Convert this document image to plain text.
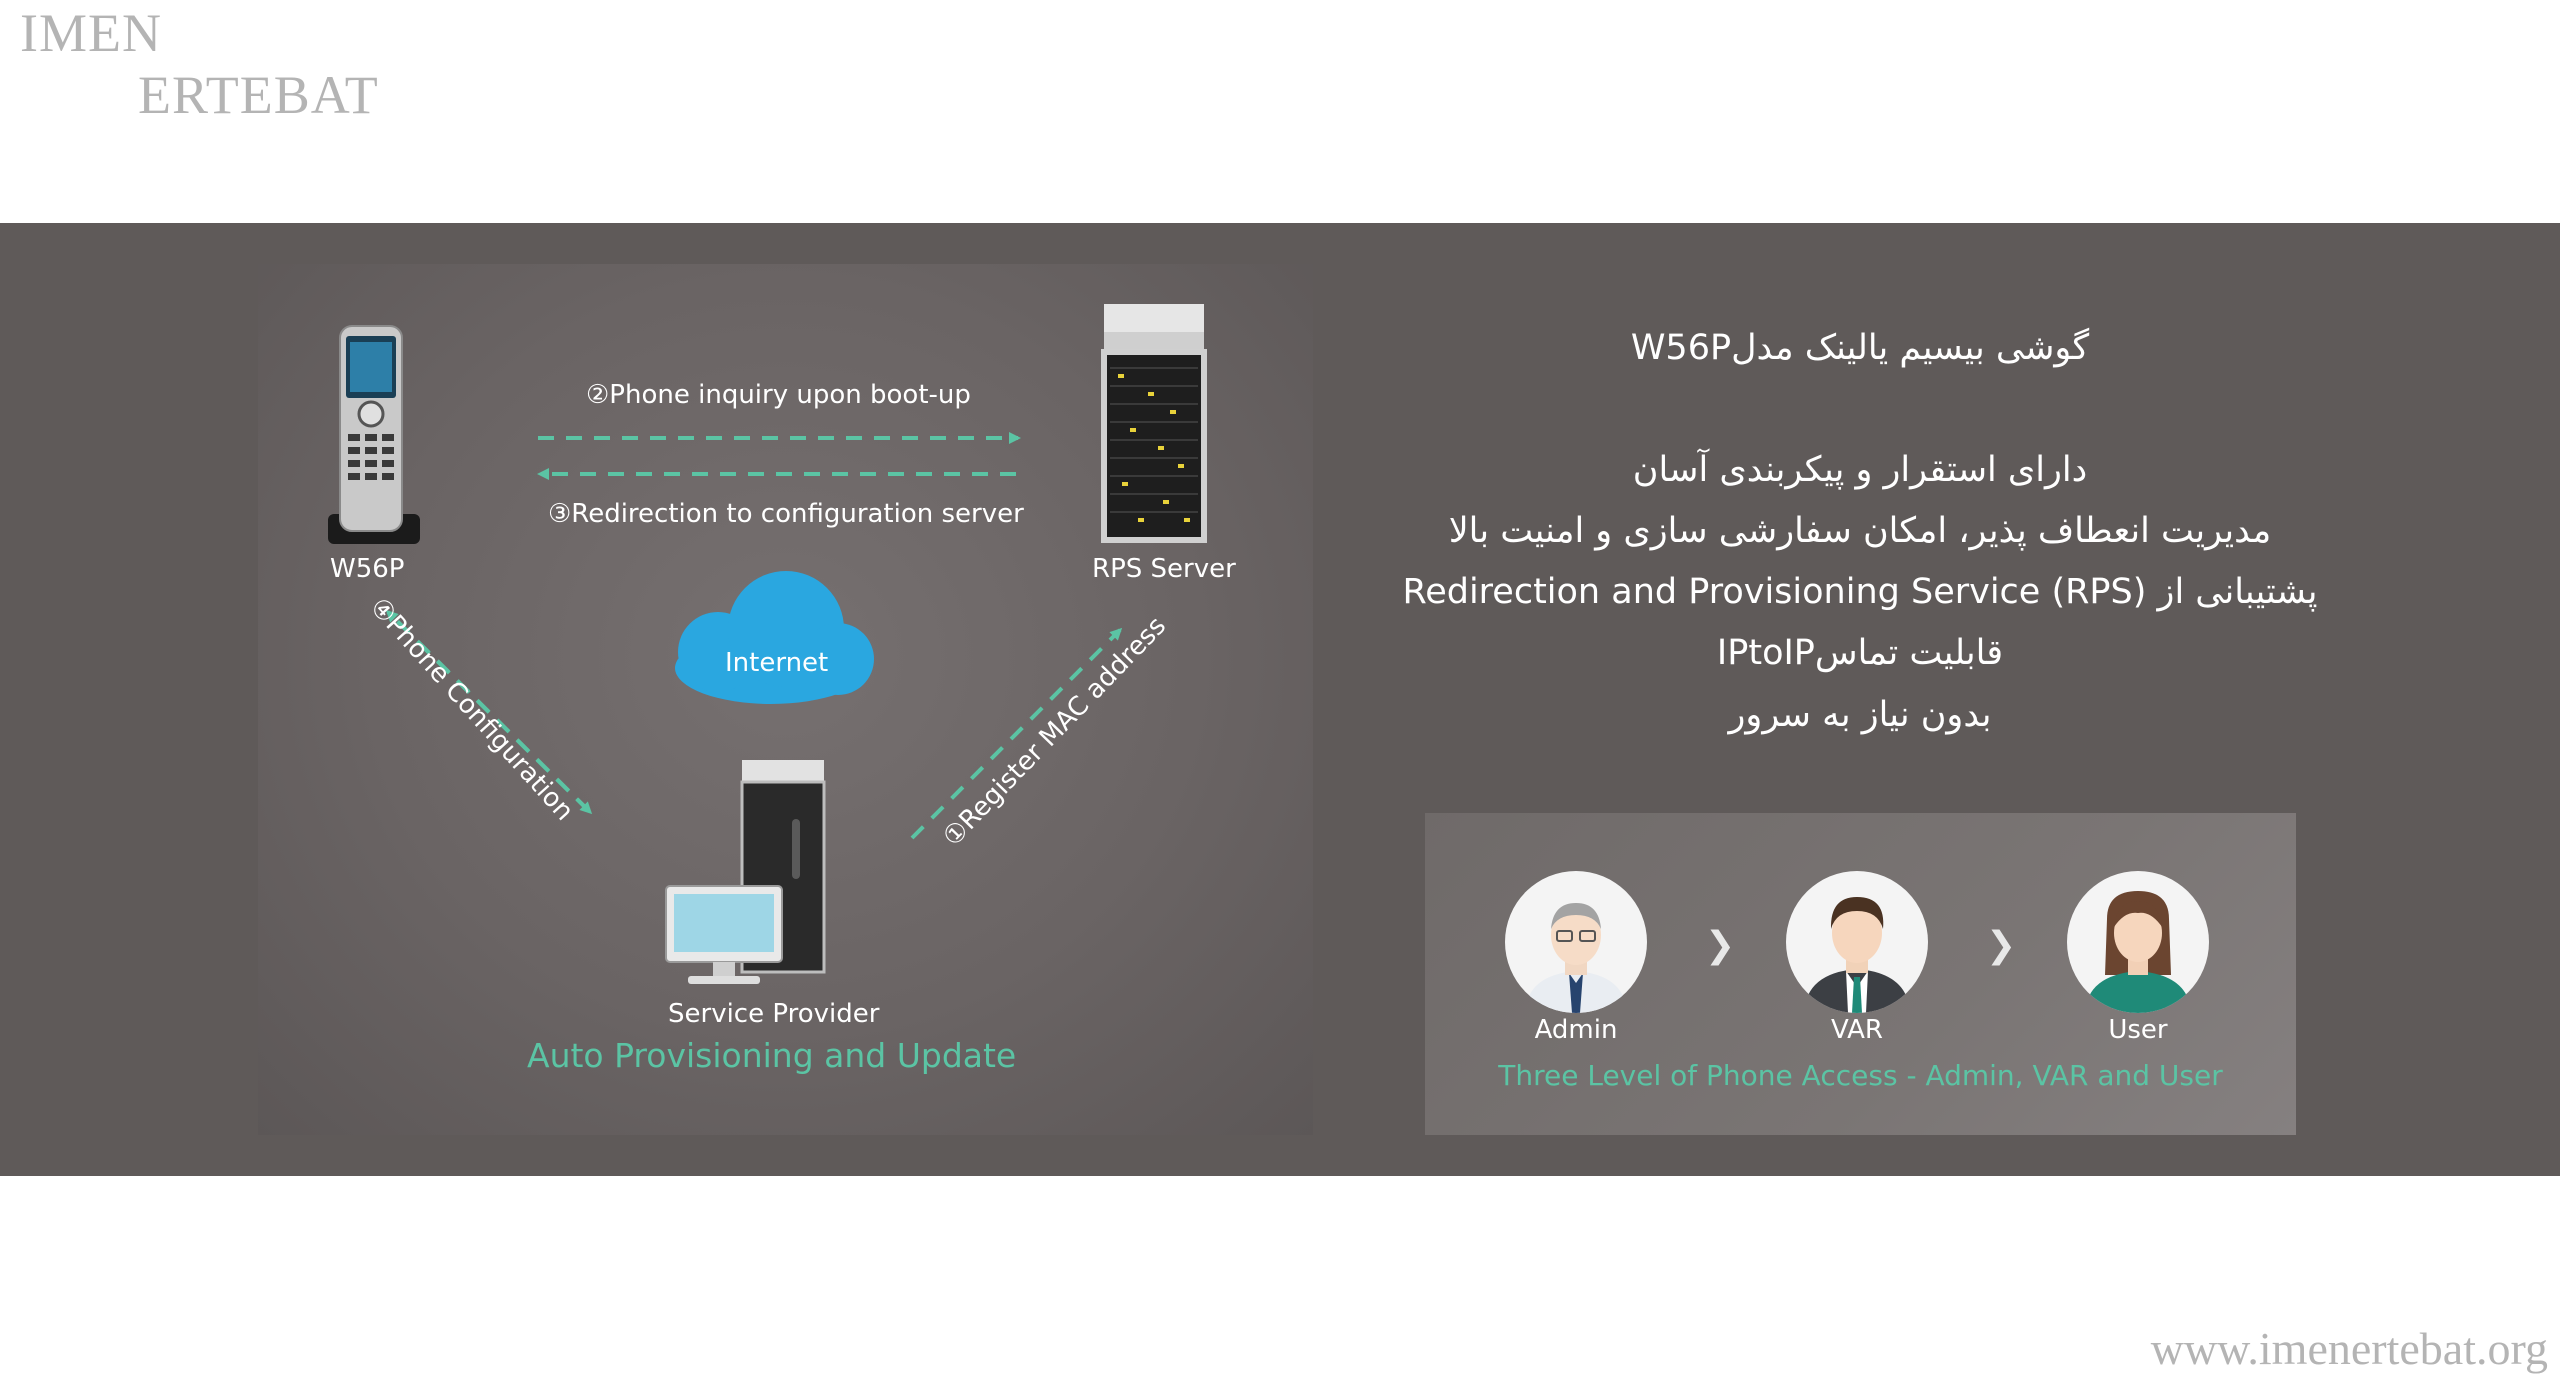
IMEN
ERTEBAT
W56P	RPS Server
②Phone inquiry upon boot-up
③Redirection to configuration server
Internet
④Phone Configuration	①Register MAC address
Service Provider
Auto Provisioning and Update
گوشی بیسیم یالینک مدلW56P
دارای استقرار و پیکربندی آسان
مدیریت انعطاف پذیر، امکان سفارشی سازی و امنیت بالا
پشتیبانی از Redirection and Provisioning Service (RPS)
قابلیت تماسIPtoIP
بدون نیاز به سرور
Admin
❯
VAR
❯
User
Three Level of Phone Access - Admin, VAR and User
www.imenertebat.org
